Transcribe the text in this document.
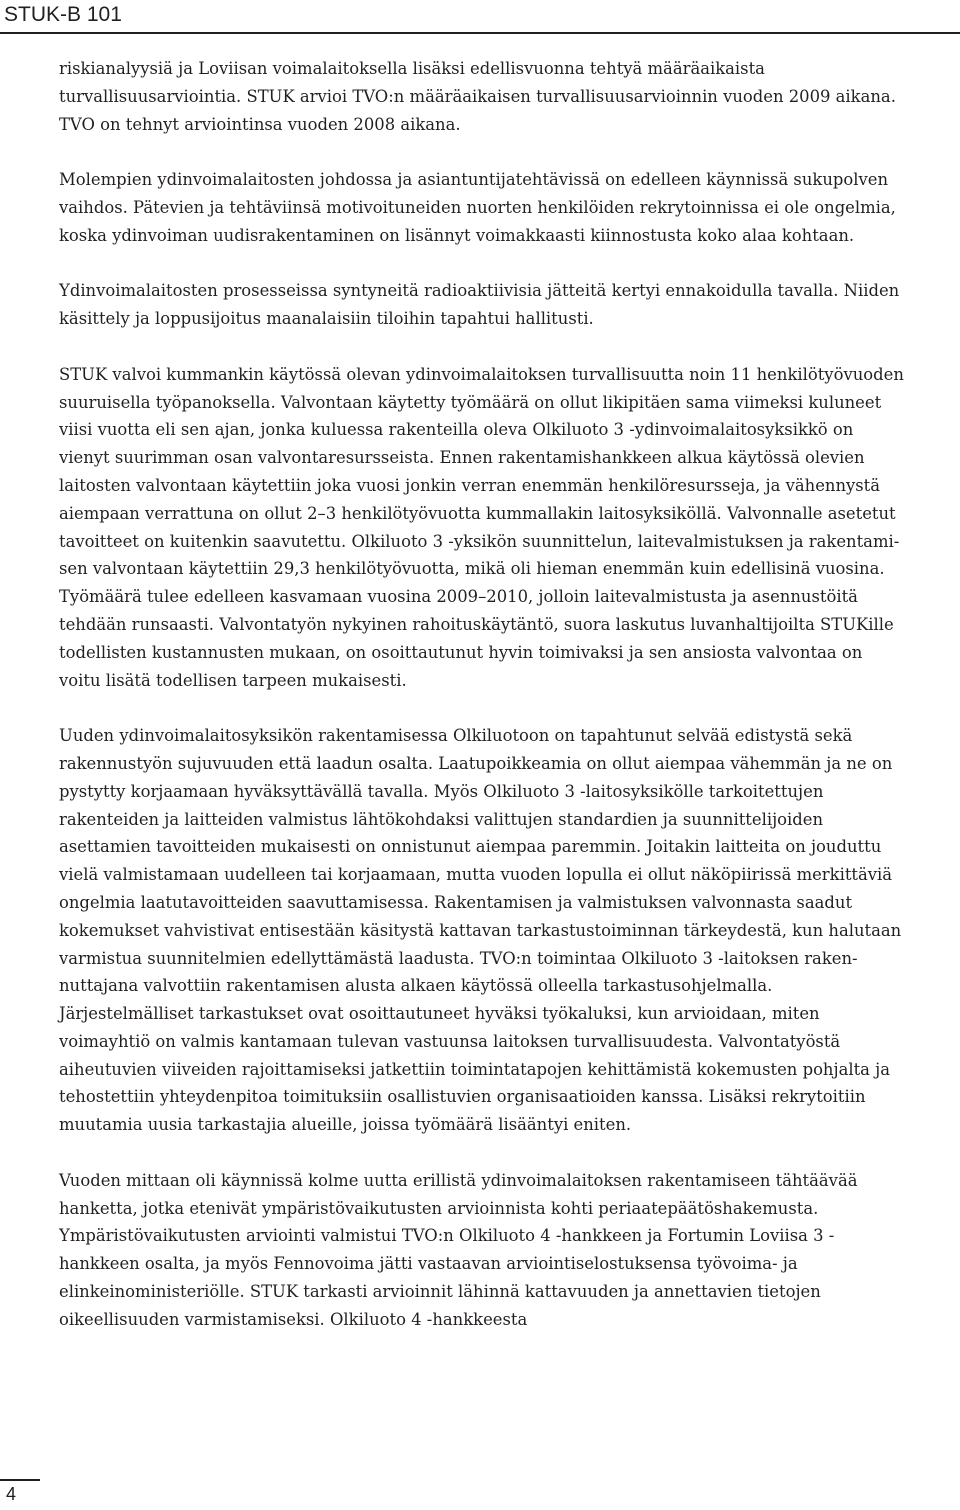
STUK-B 101

riskianalyysiä ja Loviisan voimalaitoksella lisäksi edellisvuonna tehtyä määräaikaista turvallisuusarviointia. STUK arvioi TVO:n määräaikaisen turvallisuusarvioinnin vuoden 2009 aikana. TVO on tehnyt arviointinsa vuoden 2008 aikana.

Molempien ydinvoimalaitosten johdossa ja asiantuntijatehtävissä on edelleen käynnissä sukupolven vaihdos. Pätevien ja tehtäviinsä motivoituneiden nuorten henkilöiden rekrytoinnissa ei ole ongelmia, koska ydinvoiman uudisrakentaminen on lisännyt voimakkaasti kiinnostusta koko alaa kohtaan.

Ydinvoimalaitosten prosesseissa syntyneitä radioaktiivisia jätteitä kertyi ennakoidulla tavalla. Niiden käsittely ja loppusijoitus maanalaisiin tiloihin tapahtui hallitusti.

STUK valvoi kummankin käytössä olevan ydinvoimalaitoksen turvallisuutta noin 11 henkilötyövuoden suuruisella työpanoksella. Valvontaan käytetty työmäärä on ollut likipitäen sama viimeksi kuluneet viisi vuotta eli sen ajan, jonka kuluessa rakenteilla oleva Olkiluoto 3 -ydinvoimalaitosyksikkö on vienyt suurimman osan valvontaresursseista. Ennen rakentamishankkeen alkua käytössä olevien laitosten valvontaan käytettiin joka vuosi jonkin verran enemmän henkilöresursseja, ja vähennystä aiempaan verrattuna on ollut 2–3 henkilötyövuotta kummallakin laitosyksiköllä. Valvonnalle asetetut tavoitteet on kuitenkin saavutettu. Olkiluoto 3 -yksikön suunnittelun, laitevalmistuksen ja rakentamisen valvontaan käytettiin 29,3 henkilötyövuotta, mikä oli hieman enemmän kuin edellisinä vuosina. Työmäärä tulee edelleen kasvamaan vuosina 2009–2010, jolloin laitevalmistusta ja asennustöitä tehdään runsaasti. Valvontatyön nykyinen rahoituskäytäntö, suora laskutus luvanhaltijoilta STUKille todellisten kustannusten mukaan, on osoittautunut hyvin toimivaksi ja sen ansiosta valvontaa on voitu lisätä todellisen tarpeen mukaisesti.

Uuden ydinvoimalaitosyksikön rakentamisessa Olkiluotoon on tapahtunut selvää edistystä sekä rakennustyön sujuvuuden että laadun osalta. Laatupoikkeamia on ollut aiempaa vähemmän ja ne on pystytty korjaamaan hyväksyttävällä tavalla. Myös Olkiluoto 3 -laitosyksikölle tarkoitettujen rakenteiden ja laitteiden valmistus lähtökohdaksi valittujen standardien ja suunnittelijoiden asettamien tavoitteiden mukaisesti on onnistunut aiempaa paremmin. Joitakin laitteita on jouduttu vielä valmistamaan uudelleen tai korjaamaan, mutta vuoden lopulla ei ollut näköpiirissä merkittäviä ongelmia laatutavoitteiden saavuttamisessa. Rakentamisen ja valmistuksen valvonnasta saadut kokemukset vahvistivat entisestään käsitystä kattavan tarkastustoiminnan tärkeydestä, kun halutaan varmistua suunnitelmien edellyttämästä laadusta. TVO:n toimintaa Olkiluoto 3 -laitoksen rakennuttajana valvottiin rakentamisen alusta alkaen käytössä olleella tarkastusohjelmalla. Järjestelmälliset tarkastukset ovat osoittautuneet hyväksi työkaluksi, kun arvioidaan, miten voimayhtiö on valmis kantamaan tulevan vastuunsa laitoksen turvallisuudesta. Valvontatyöstä aiheutuvien viiveiden rajoittamiseksi jatkettiin toimintatapojen kehittämistä kokemusten pohjalta ja tehostettiin yhteydenpitoa toimituksiin osallistuvien organisaatioiden kanssa. Lisäksi rekrytoitiin muutamia uusia tarkastajia alueille, joissa työmäärä lisääntyi eniten.

Vuoden mittaan oli käynnissä kolme uutta erillistä ydinvoimalaitoksen rakentamiseen tähtäävää hanketta, jotka etenivät ympäristövaikutusten arvioinnista kohti periaatepäätöshakemusta. Ympäristövaikutusten arviointi valmistui TVO:n Olkiluoto 4 -hankkeen ja Fortumin Loviisa 3 -hankkeen osalta, ja myös Fennovoima jätti vastaavan arviointiselostuksensa työvoima- ja elinkeinoministeriölle. STUK tarkasti arvioinnit lähinnä kattavuuden ja annettavien tietojen oikeellisuuden varmistamiseksi. Olkiluoto 4 -hankkeesta

4
